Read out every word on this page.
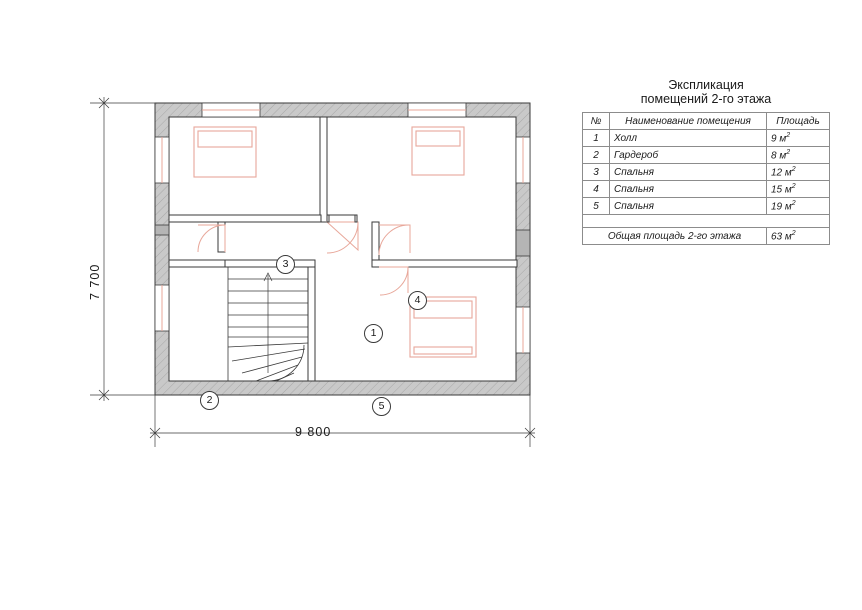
7 700
9 800
1
2
3
4
5
Экспликация
помещений 2-го этажа
№	Наименование помещения	Площадь
1	Холл	9 $м^2$
2	Гардероб	8 $м^2$
3	Спальня	12 $м^2$
4	Спальня	15 $м^2$
5	Спальня	19 $м^2$

Общая площадь 2-го этажа		63 $м^2$
